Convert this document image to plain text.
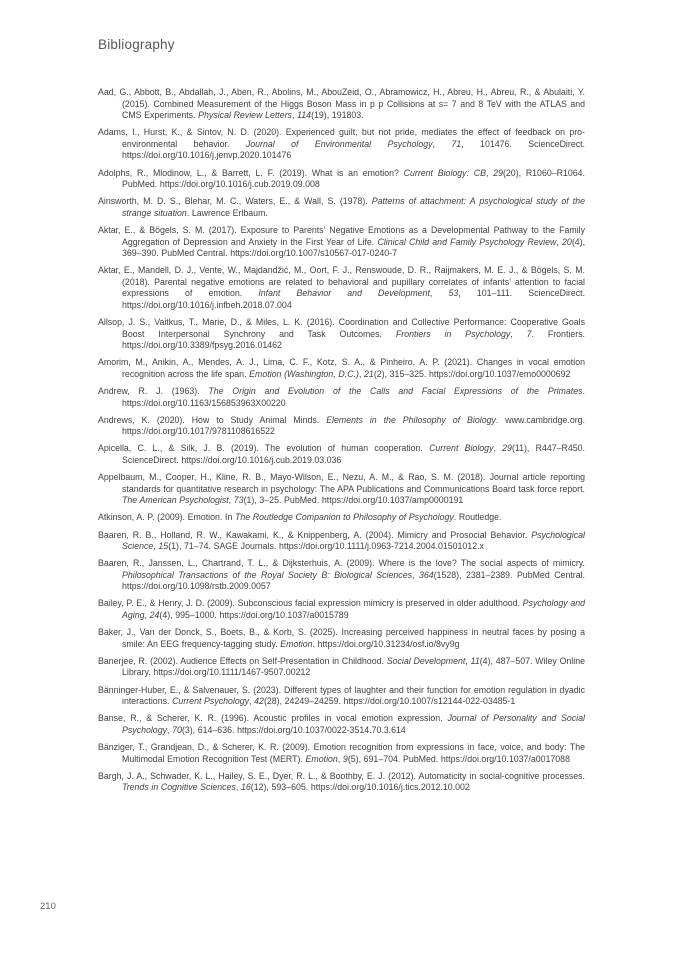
Bibliography
Aad, G., Abbott, B., Abdallah, J., Aben, R., Abolins, M., AbouZeid, O., Abramowicz, H., Abreu, H., Abreu, R., & Abulaiti, Y. (2015). Combined Measurement of the Higgs Boson Mass in p p Collisions at s= 7 and 8 TeV with the ATLAS and CMS Experiments. Physical Review Letters, 114(19), 191803.
Adams, I., Hurst, K., & Sintov, N. D. (2020). Experienced guilt, but not pride, mediates the effect of feedback on pro-environmental behavior. Journal of Environmental Psychology, 71, 101476. ScienceDirect. https://doi.org/10.1016/j.jenvp.2020.101476
Adolphs, R., Mlodinow, L., & Barrett, L. F. (2019). What is an emotion? Current Biology: CB, 29(20), R1060–R1064. PubMed. https://doi.org/10.1016/j.cub.2019.09.008
Ainsworth, M. D. S., Blehar, M. C., Waters, E., & Wall, S. (1978). Patterns of attachment: A psychological study of the strange situation. Lawrence Erlbaum.
Aktar, E., & Bögels, S. M. (2017). Exposure to Parents’ Negative Emotions as a Developmental Pathway to the Family Aggregation of Depression and Anxiety in the First Year of Life. Clinical Child and Family Psychology Review, 20(4), 369–390. PubMed Central. https://doi.org/10.1007/s10567-017-0240-7
Aktar, E., Mandell, D. J., Vente, W., Majdandžić, M., Oort, F. J., Renswoude, D. R., Raijmakers, M. E. J., & Bögels, S. M. (2018). Parental negative emotions are related to behavioral and pupillary correlates of infants’ attention to facial expressions of emotion. Infant Behavior and Development, 53, 101–111. ScienceDirect. https://doi.org/10.1016/j.infbeh.2018.07.004
Allsop, J. S., Vaitkus, T., Marie, D., & Miles, L. K. (2016). Coordination and Collective Performance: Cooperative Goals Boost Interpersonal Synchrony and Task Outcomes. Frontiers in Psychology, 7. Frontiers. https://doi.org/10.3389/fpsyg.2016.01462
Amorim, M., Anikin, A., Mendes, A. J., Lima, C. F., Kotz, S. A., & Pinheiro, A. P. (2021). Changes in vocal emotion recognition across the life span. Emotion (Washington, D.C.), 21(2), 315–325. https://doi.org/10.1037/emo0000692
Andrew, R. J. (1963). The Origin and Evolution of the Calls and Facial Expressions of the Primates. https://doi.org/10.1163/156853963X00220
Andrews, K. (2020). How to Study Animal Minds. Elements in the Philosophy of Biology. www.cambridge.org. https://doi.org/10.1017/9781108616522
Apicella, C. L., & Silk, J. B. (2019). The evolution of human cooperation. Current Biology, 29(11), R447–R450. ScienceDirect. https://doi.org/10.1016/j.cub.2019.03.036
Appelbaum, M., Cooper, H., Kline, R. B., Mayo-Wilson, E., Nezu, A. M., & Rao, S. M. (2018). Journal article reporting standards for quantitative research in psychology: The APA Publications and Communications Board task force report. The American Psychologist, 73(1), 3–25. PubMed. https://doi.org/10.1037/amp0000191
Atkinson, A. P. (2009). Emotion. In The Routledge Companion to Philosophy of Psychology. Routledge.
Baaren, R. B., Holland, R. W., Kawakami, K., & Knippenberg, A. (2004). Mimicry and Prosocial Behavior. Psychological Science, 15(1), 71–74. SAGE Journals. https://doi.org/10.1111/j.0963-7214.2004.01501012.x
Baaren, R., Janssen, L., Chartrand, T. L., & Dijksterhuis, A. (2009). Where is the love? The social aspects of mimicry. Philosophical Transactions of the Royal Society B: Biological Sciences, 364(1528), 2381–2389. PubMed Central. https://doi.org/10.1098/rstb.2009.0057
Bailey, P. E., & Henry, J. D. (2009). Subconscious facial expression mimicry is preserved in older adulthood. Psychology and Aging, 24(4), 995–1000. https://doi.org/10.1037/a0015789
Baker, J., Van der Donck, S., Boets, B., & Korb, S. (2025). Increasing perceived happiness in neutral faces by posing a smile: An EEG frequency-tagging study. Emotion. https://doi.org/10.31234/osf.io/8vy9g
Banerjee, R. (2002). Audience Effects on Self-Presentation in Childhood. Social Development, 11(4), 487–507. Wiley Online Library. https://doi.org/10.1111/1467-9507.00212
Bänninger-Huber, E., & Salvenauer, S. (2023). Different types of laughter and their function for emotion regulation in dyadic interactions. Current Psychology, 42(28), 24249–24259. https://doi.org/10.1007/s12144-022-03485-1
Banse, R., & Scherer, K. R. (1996). Acoustic profiles in vocal emotion expression. Journal of Personality and Social Psychology, 70(3), 614–636. https://doi.org/10.1037/0022-3514.70.3.614
Bänziger, T., Grandjean, D., & Scherer, K. R. (2009). Emotion recognition from expressions in face, voice, and body: The Multimodal Emotion Recognition Test (MERT). Emotion, 9(5), 691–704. PubMed. https://doi.org/10.1037/a0017088
Bargh, J. A., Schwader, K. L., Hailey, S. E., Dyer, R. L., & Boothby, E. J. (2012). Automaticity in social-cognitive processes. Trends in Cognitive Sciences, 16(12), 593–605. https://doi.org/10.1016/j.tics.2012.10.002
210
